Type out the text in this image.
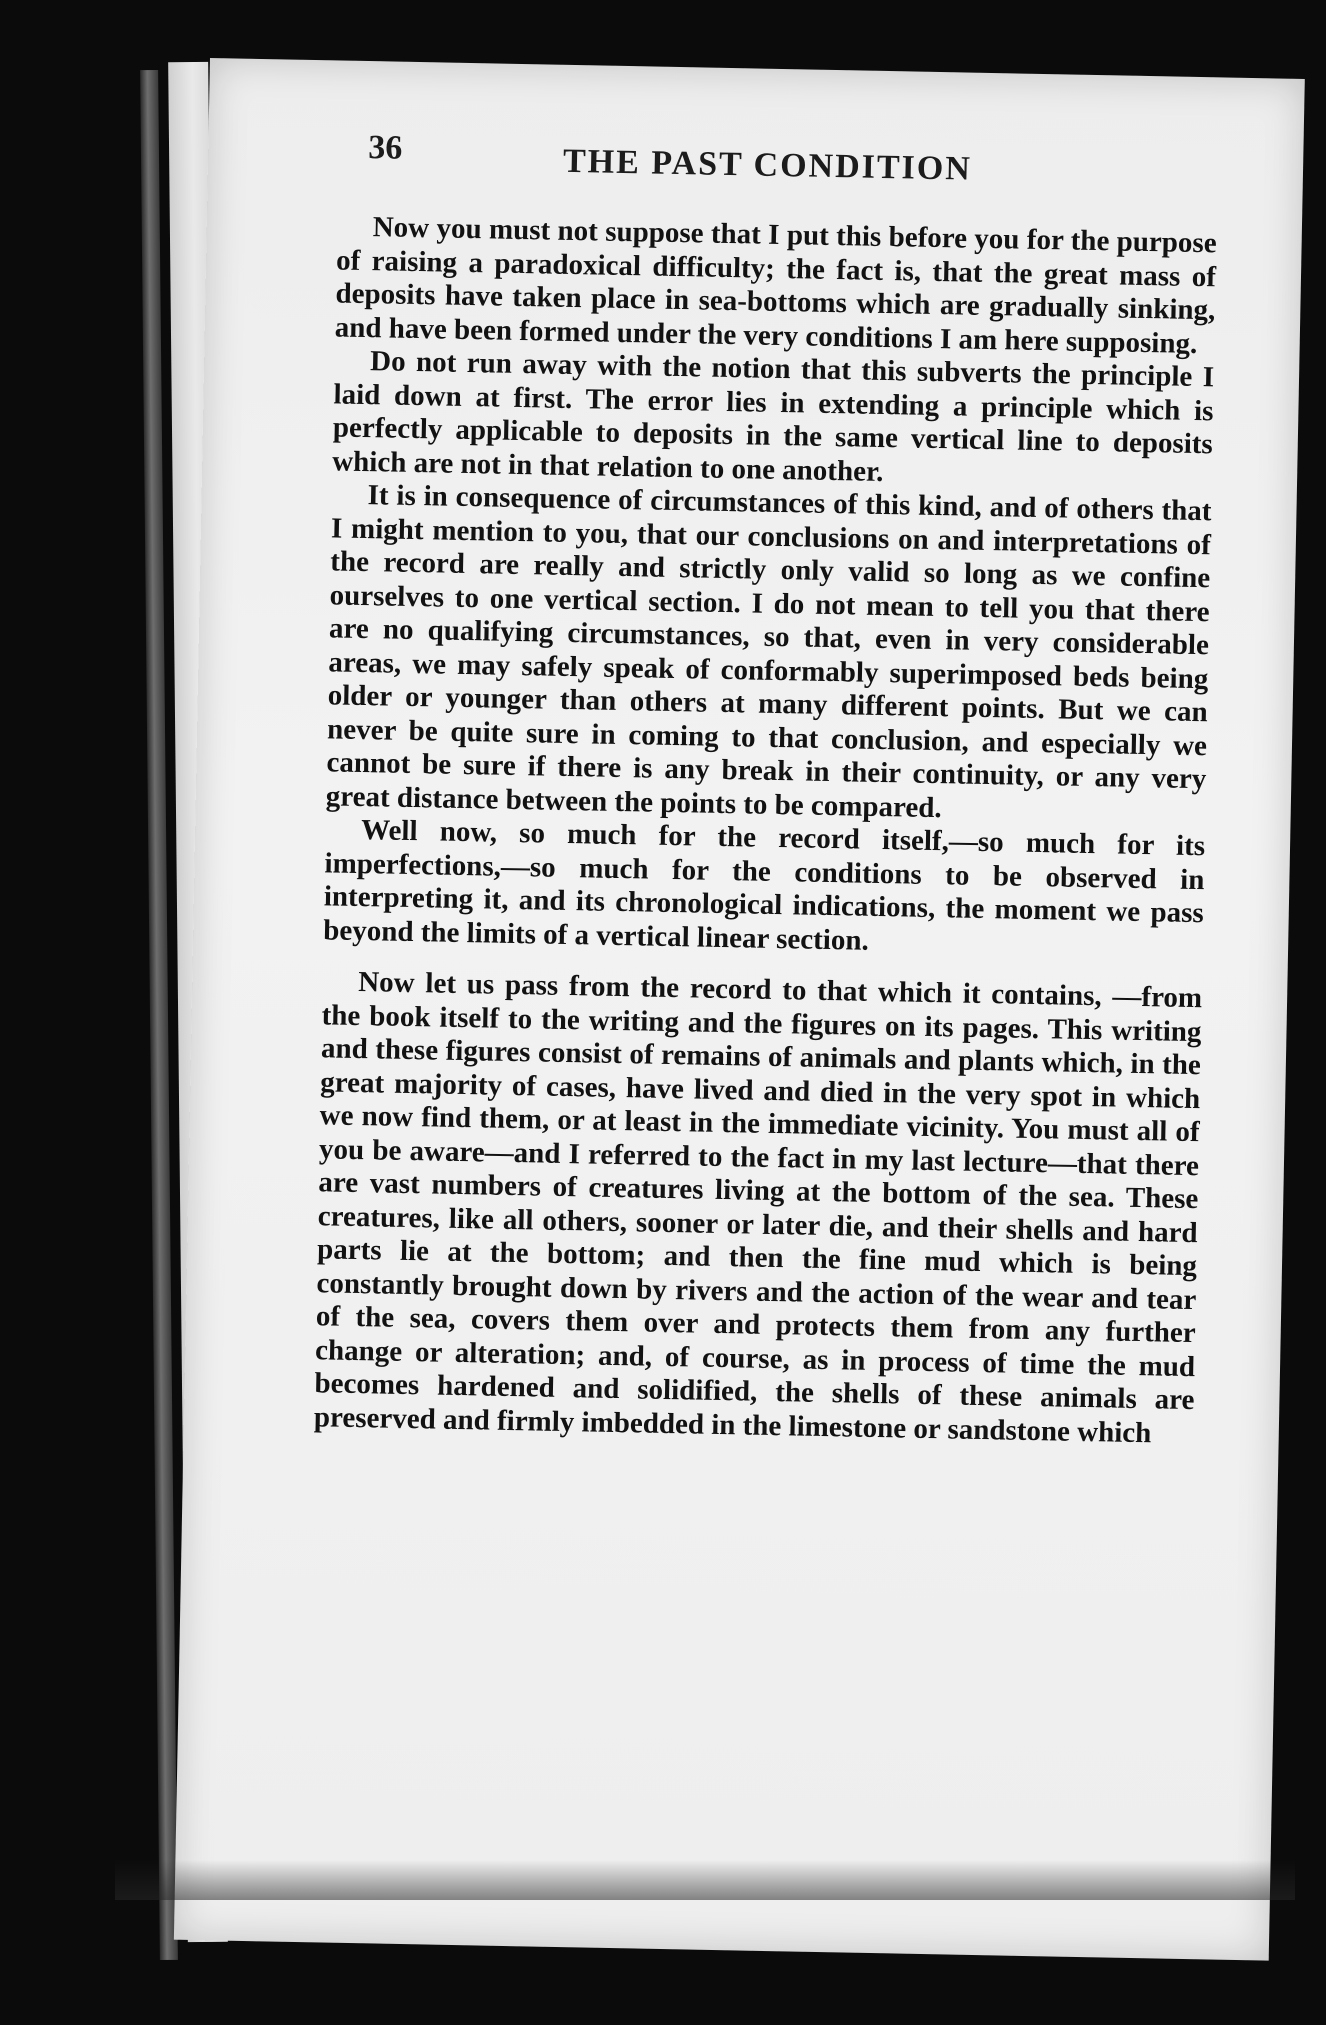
36	THE PAST CONDITION

Now you must not suppose that I put this before you for the purpose of raising a paradoxical difficulty; the fact is, that the great mass of deposits have taken place in sea-bottoms which are gradually sinking, and have been formed under the very conditions I am here supposing.

Do not run away with the notion that this subverts the principle I laid down at first. The error lies in extending a principle which is perfectly applicable to deposits in the same vertical line to deposits which are not in that relation to one another.

It is in consequence of circumstances of this kind, and of others that I might mention to you, that our conclusions on and interpretations of the record are really and strictly only valid so long as we confine ourselves to one vertical section. I do not mean to tell you that there are no qualifying circumstances, so that, even in very considerable areas, we may safely speak of conformably superimposed beds being older or younger than others at many different points. But we can never be quite sure in coming to that conclusion, and especially we cannot be sure if there is any break in their continuity, or any very great distance between the points to be compared.

Well now, so much for the record itself,—so much for its imperfections,—so much for the conditions to be observed in interpreting it, and its chronological indications, the moment we pass beyond the limits of a vertical linear section.

Now let us pass from the record to that which it contains, —from the book itself to the writing and the figures on its pages. This writing and these figures consist of remains of animals and plants which, in the great majority of cases, have lived and died in the very spot in which we now find them, or at least in the immediate vicinity. You must all of you be aware—and I referred to the fact in my last lecture—that there are vast numbers of creatures living at the bottom of the sea. These creatures, like all others, sooner or later die, and their shells and hard parts lie at the bottom; and then the fine mud which is being constantly brought down by rivers and the action of the wear and tear of the sea, covers them over and protects them from any further change or alteration; and, of course, as in process of time the mud becomes hardened and solidified, the shells of these animals are preserved and firmly imbedded in the limestone or sandstone which
